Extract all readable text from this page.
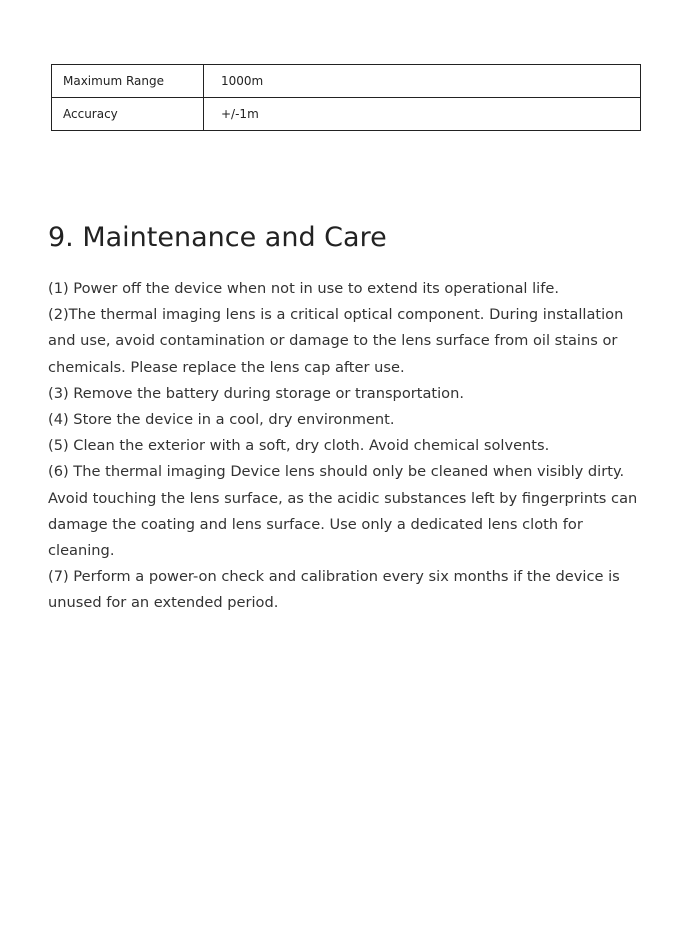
Maximum Range	1000m
Accuracy	+/-1m
9. Maintenance and Care
(1) Power off the device when not in use to extend its operational life.
(2)The thermal imaging lens is a critical optical component. During installation
and use, avoid contamination or damage to the lens surface from oil stains or
chemicals. Please replace the lens cap after use.
(3) Remove the battery during storage or transportation.
(4) Store the device in a cool, dry environment.
(5) Clean the exterior with a soft, dry cloth. Avoid chemical solvents.
(6) The thermal imaging Device lens should only be cleaned when visibly dirty.
Avoid touching the lens surface, as the acidic substances left by fingerprints can
damage the coating and lens surface. Use only a dedicated lens cloth for
cleaning.
(7) Perform a power-on check and calibration every six months if the device is
unused for an extended period.
